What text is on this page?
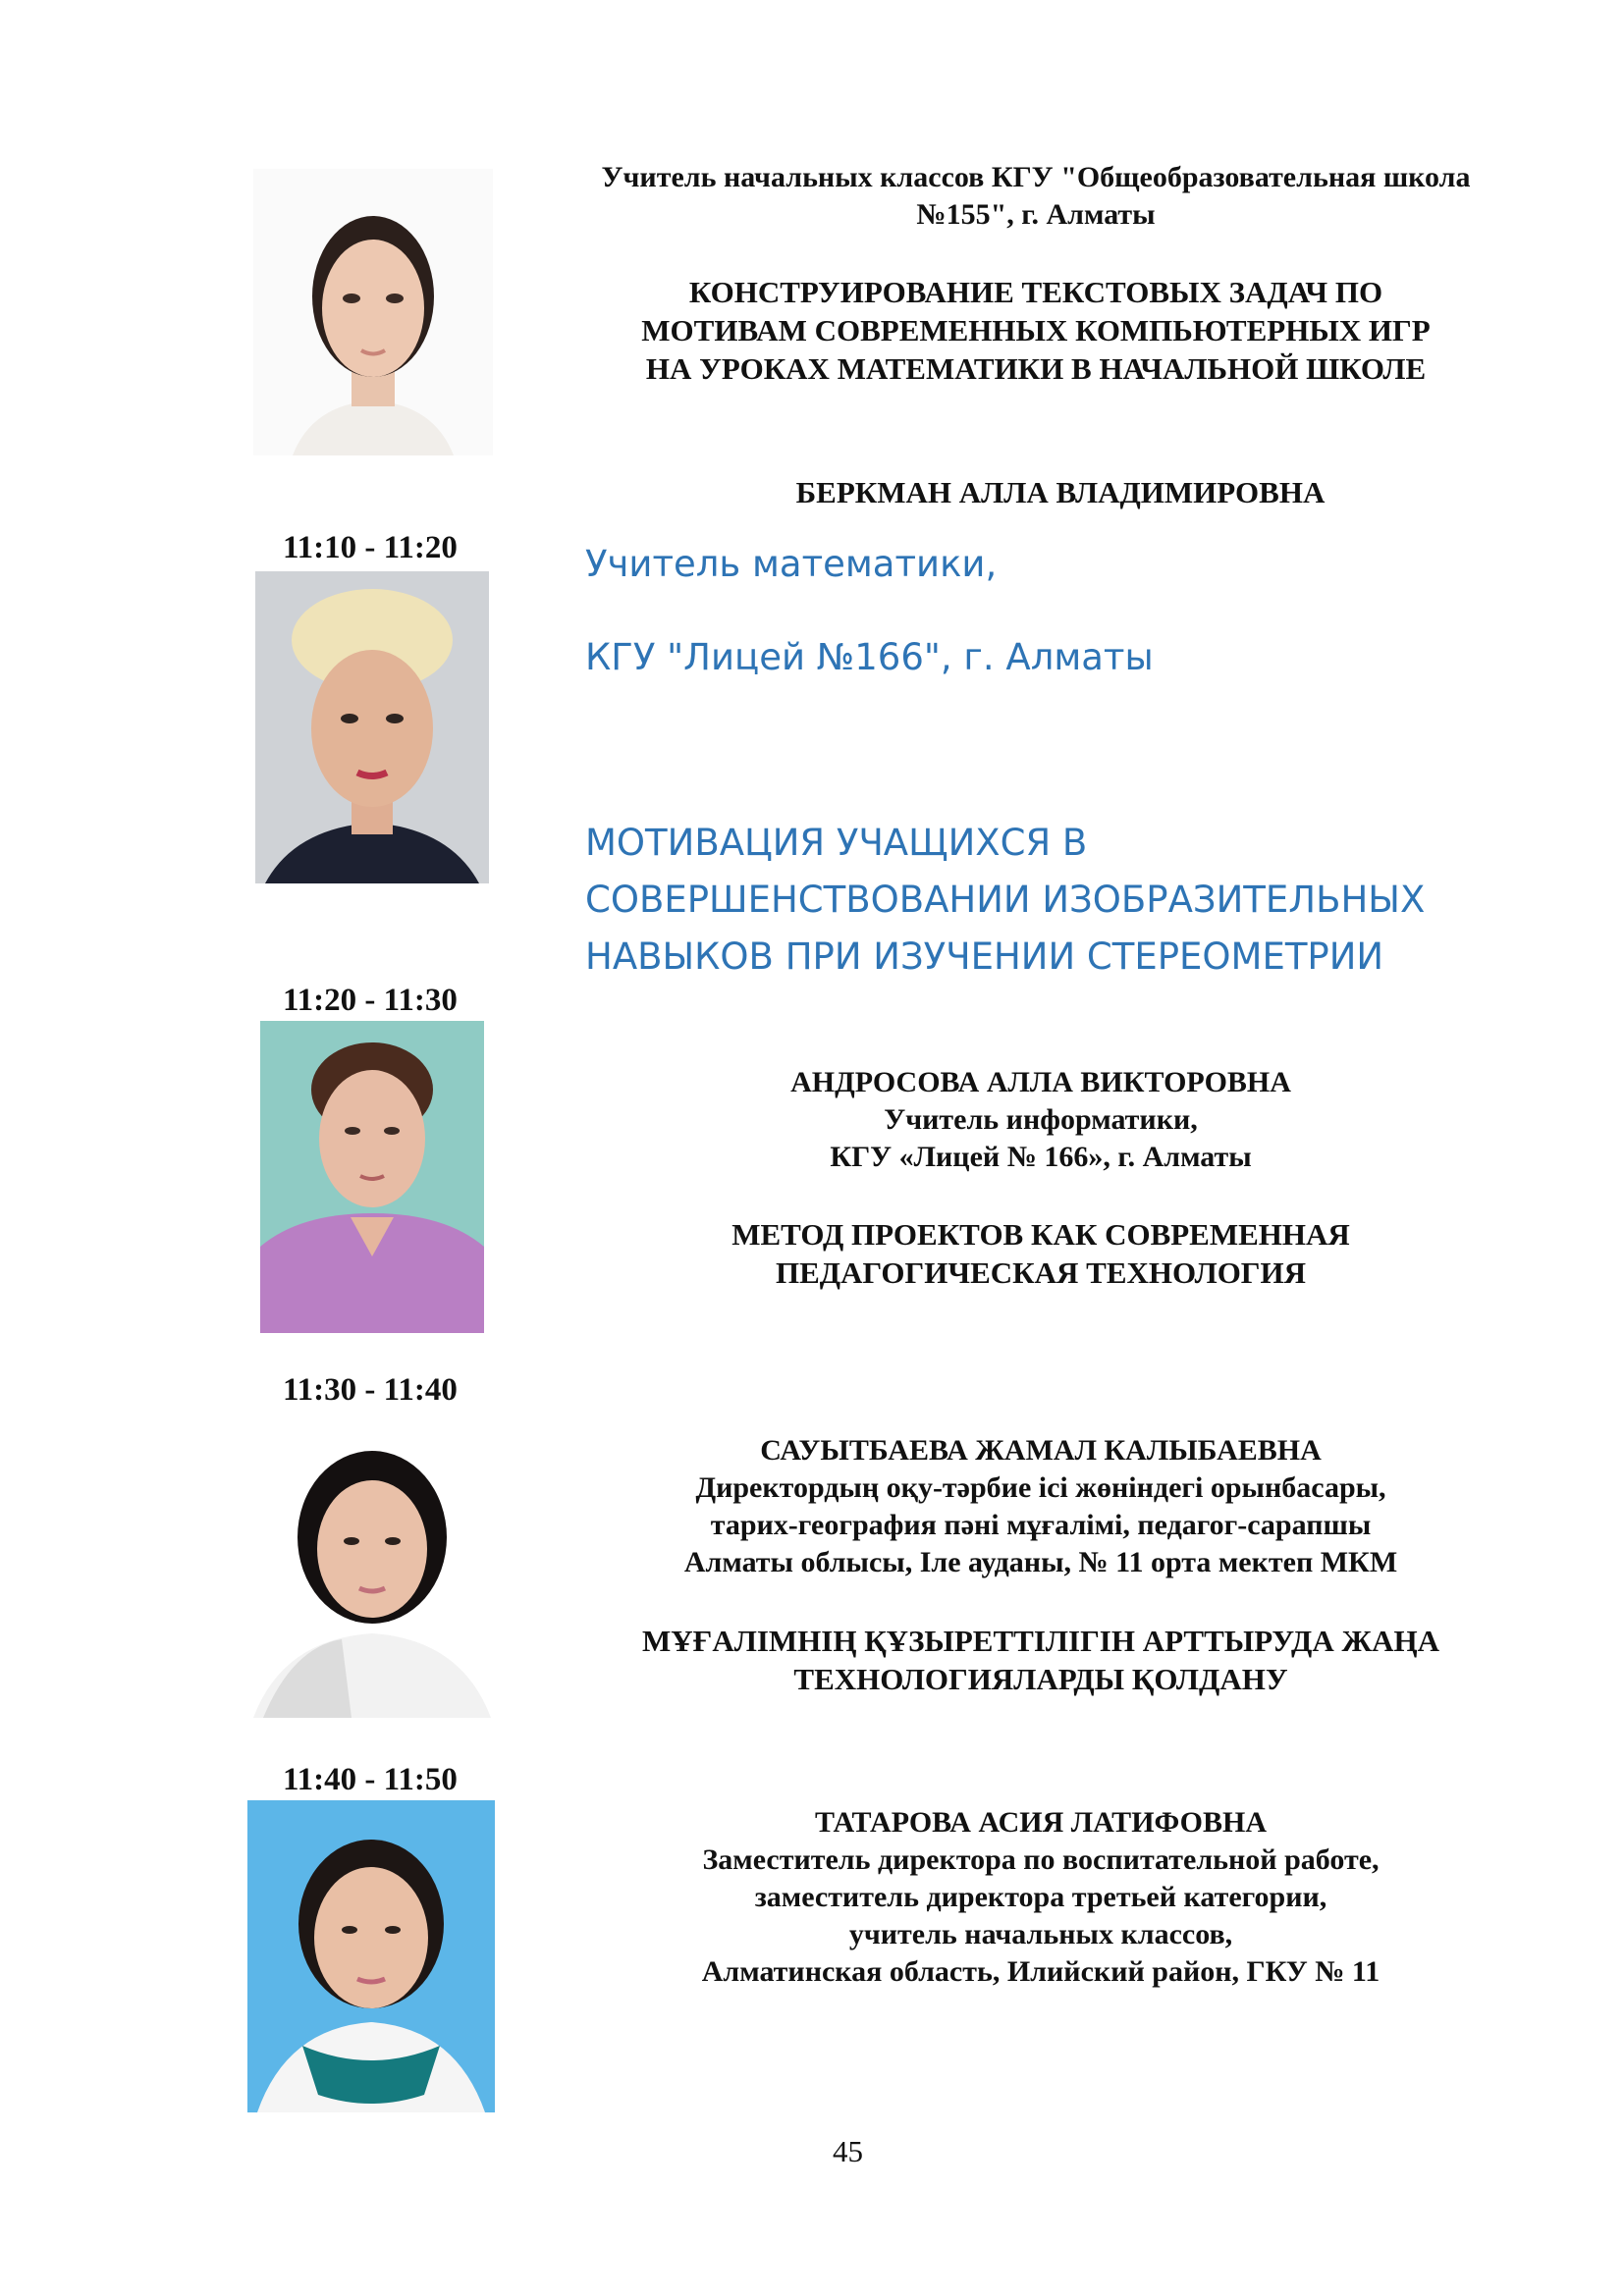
Учитель начальных классов КГУ "Общеобразовательная школа №155", г. Алматы
КОНСТРУИРОВАНИЕ ТЕКСТОВЫХ ЗАДАЧ ПО
МОТИВАМ СОВРЕМЕННЫХ КОМПЬЮТЕРНЫХ ИГР
НА УРОКАХ МАТЕМАТИКИ В НАЧАЛЬНОЙ ШКОЛЕ
БЕРКМАН АЛЛА ВЛАДИМИРОВНА
11:10 - 11:20	Учитель математики,
КГУ "Лицей №166", г. Алматы
МОТИВАЦИЯ УЧАЩИХСЯ В
СОВЕРШЕНСТВОВАНИИ ИЗОБРАЗИТЕЛЬНЫХ
НАВЫКОВ ПРИ ИЗУЧЕНИИ СТЕРЕОМЕТРИИ
11:20 - 11:30
АНДРОСОВА АЛЛА ВИКТОРОВНА
Учитель информатики,
КГУ «Лицей № 166», г. Алматы
МЕТОД ПРОЕКТОВ КАК СОВРЕМЕННАЯ
ПЕДАГОГИЧЕСКАЯ ТЕХНОЛОГИЯ
11:30 - 11:40
САУЫТБАЕВА ЖАМАЛ КАЛЫБАЕВНА
Директордың оқу-тәрбие ісі жөніндегі орынбасары,
тарих-география пәні мұғалімі, педагог-сарапшы
Алматы облысы, Іле ауданы, № 11 орта мектеп МКМ
МҰҒАЛІМНІҢ ҚҰЗЫРЕТТІЛІГІН АРТТЫРУДА ЖАҢА
ТЕХНОЛОГИЯЛАРДЫ ҚОЛДАНУ
11:40 - 11:50
ТАТАРОВА АСИЯ ЛАТИФОВНА
Заместитель директора по воспитательной работе,
заместитель директора третьей категории,
учитель начальных классов,
Алматинская область, Илийский район, ГКУ № 11
45
